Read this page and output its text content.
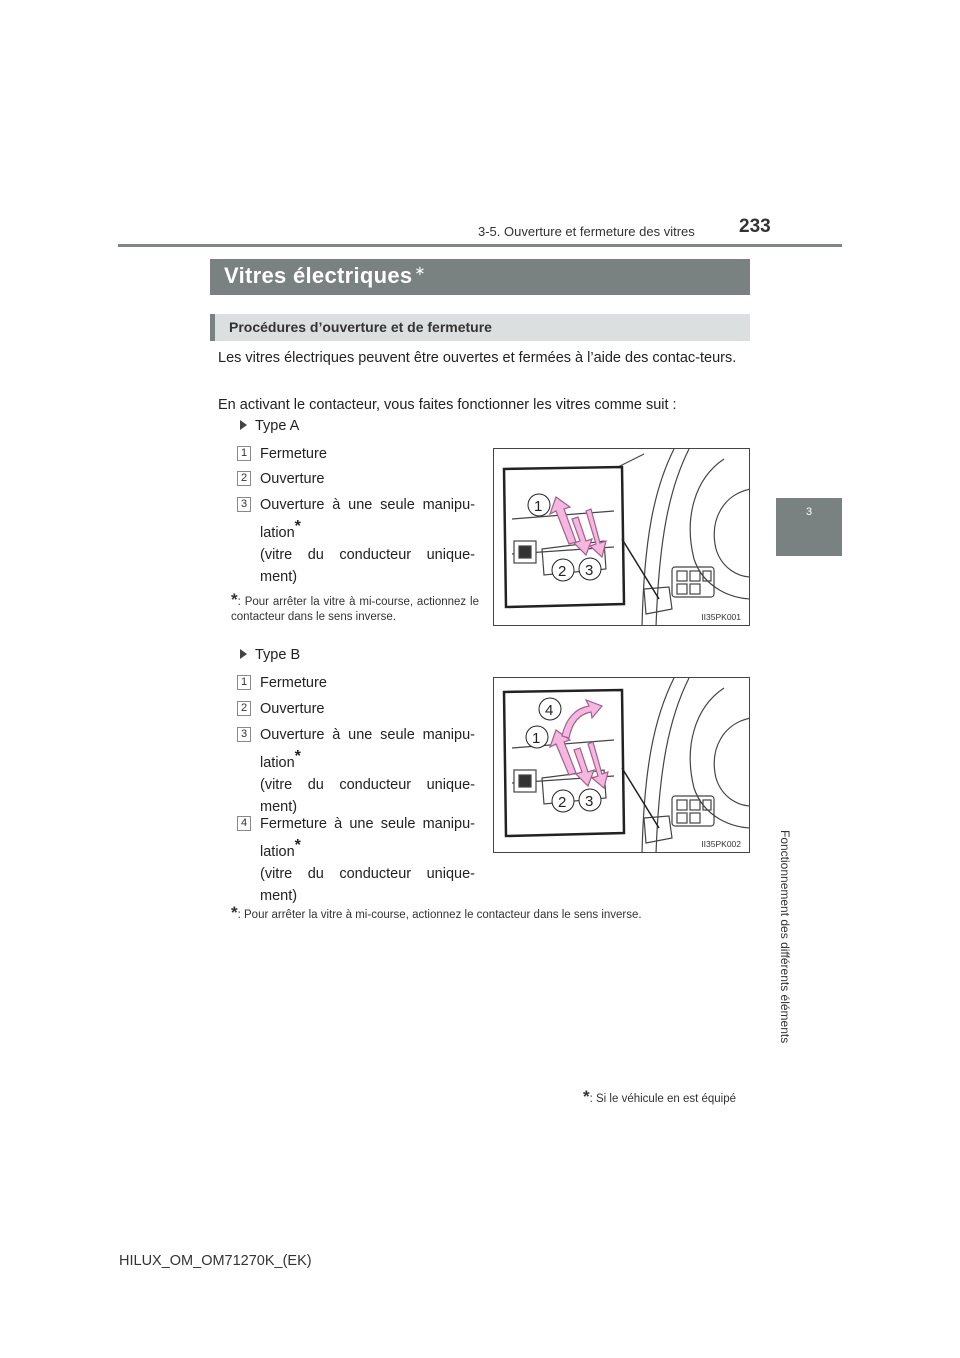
3-5. Ouverture et fermeture des vitres 233
3
Fonctionnement des différents éléments
Vitres électriques ∗
Procédures d’ouverture et de fermeture
Les vitres électriques peuvent être ouvertes et fermées à l’aide des contac-teurs.
En activant le contacteur, vous faites fonctionner les vitres comme suit :
Type A
1 Fermeture
2 Ouverture
3 Ouverture à une seule manipu-lation*
(vitre du conducteur unique-ment)
*: Pour arrêter la vitre à mi-course, actionnez le contacteur dans le sens inverse.
1
2 3
II35PK001
Type B
1 Fermeture
2 Ouverture
3 Ouverture à une seule manipu-lation*
(vitre du conducteur unique-ment)
4 Fermeture à une seule manipu-lation*
(vitre du conducteur unique-ment)
*: Pour arrêter la vitre à mi-course, actionnez le contacteur dans le sens inverse.
4
1
2 3
II35PK002
*: Si le véhicule en est équipé
HILUX_OM_OM71270K_(EK)
